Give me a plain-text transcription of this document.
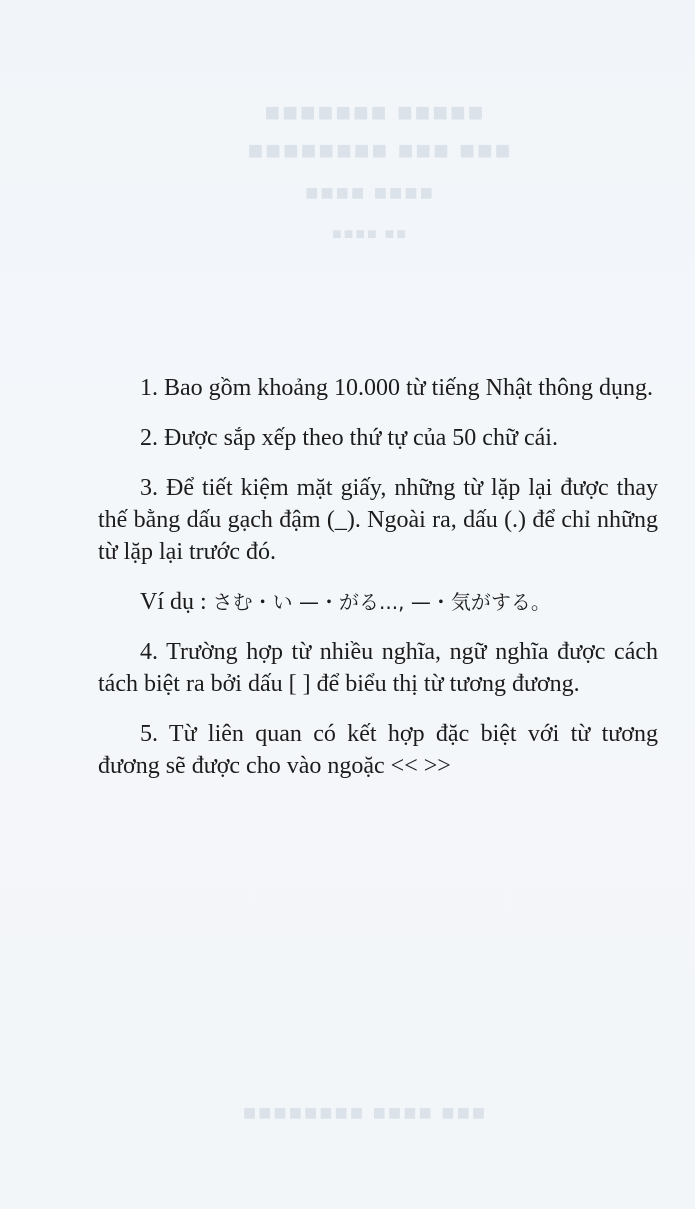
■■■■■■■ ■■■■■
■■■■■■■■ ■■■ ■■■
■■■■ ■■■■
■■■■ ■■
■■■■■■■■ ■■■■ ■■■

1. Bao gồm khoảng 10.000 từ tiếng Nhật thông dụng.

2. Được sắp xếp theo thứ tự của 50 chữ cái.

3. Để tiết kiệm mặt giấy, những từ lặp lại được thay thế bằng dấu gạch đậm (_). Ngoài ra, dấu (.) để chỉ những từ lặp lại trước đó.

Ví dụ : さむ・い —・がる..., —・気がする。

4. Trường hợp từ nhiều nghĩa, ngữ nghĩa được cách tách biệt ra bởi dấu [ ] để biểu thị từ tương đương.

5. Từ liên quan có kết hợp đặc biệt với từ tương đương sẽ được cho vào ngoặc << >>
